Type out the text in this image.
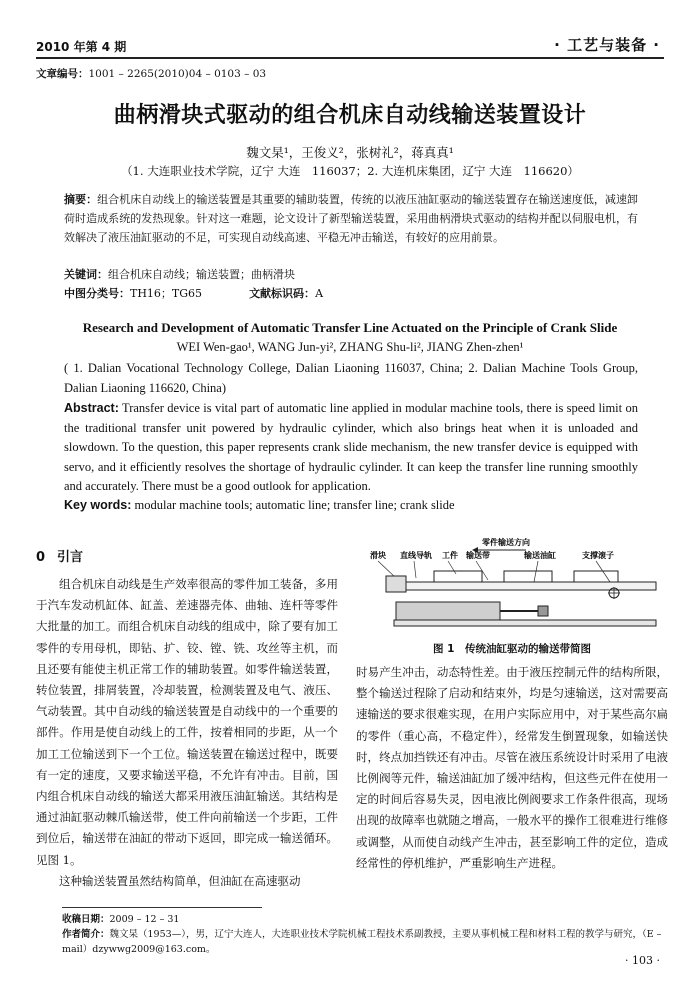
2010 年第 4 期	· 工艺与装备 ·
文章编号：1001 – 2265(2010)04 – 0103 – 03
曲柄滑块式驱动的组合机床自动线输送装置设计
魏文杲¹，王俊义²，张树礼²，蒋真真¹
（1. 大连职业技术学院，辽宁 大连　116037；2. 大连机床集团，辽宁 大连　116620）
摘要：组合机床自动线上的输送装置是其重要的辅助装置，传统的以液压油缸驱动的输送装置存在输送速度低，减速卸荷时造成系统的发热现象。针对这一难题，论文设计了新型输送装置，采用曲柄滑块式驱动的结构并配以伺服电机，有效解决了液压油缸驱动的不足，可实现自动线高速、平稳无冲击输送，有较好的应用前景。
关键词：组合机床自动线；输送装置；曲柄滑块
中图分类号：TH16；TG65	文献标识码：A
Research and Development of Automatic Transfer Line Actuated on the Principle of Crank Slide
WEI Wen-gao¹, WANG Jun-yi², ZHANG Shu-li², JIANG Zhen-zhen¹
( 1. Dalian Vocational Technology College, Dalian Liaoning 116037, China; 2. Dalian Machine Tools Group, Dalian Liaoning 116620, China)
Abstract: Transfer device is vital part of automatic line applied in modular machine tools, there is speed limit on the traditional transfer unit powered by hydraulic cylinder, which also brings heat when it is unloaded and slowdown. To the question, this paper represents crank slide mechanism, the new transfer device is equipped with servo, and it efficiently resolves the shortage of hydraulic cylinder. It can keep the transfer line running smoothly and accurately. There must be a good outlook for application.
Key words: modular machine tools; automatic line; transfer line; crank slide
0 引言
组合机床自动线是生产效率很高的零件加工装备，多用于汽车发动机缸体、缸盖、差速器壳体、曲轴、连杆等零件大批量的加工。而组合机床自动线的组成中，除了要有加工零件的专用母机，即钻、扩、铰、镗、铣、攻丝等主机，而且还要有能使主机正常工作的辅助装置。如零件输送装置，转位装置，排屑装置，冷却装置，检测装置及电气、液压、气动装置。其中自动线的输送装置是自动线中的一个重要的部件。作用是使自动线上的工件，按着相同的步距，从一个加工工位输送到下一个工位。输送装置在输送过程中，既要有一定的速度，又要求输送平稳，不允许有冲击。目前，国内组合机床自动线的输送大都采用液压油缸输送。其结构是通过油缸驱动棘爪输送带，使工件向前输送一个步距，工件到位后，输送带在油缸的带动下返回，即完成一输送循环。见图 1。
这种输送装置虽然结构简单，但油缸在高速驱动
零件输送方向
滑块 直线导轨 工件 输送带	输送油缸	支撑滚子
图 1　传统油缸驱动的输送带简图
时易产生冲击，动态特性差。由于液压控制元件的结构所限，整个输送过程除了启动和结束外，均是匀速输送，这对需要高速输送的要求很难实现，在用户实际应用中，对于某些高尔扁的零件（重心高，不稳定件），经常发生倒置现象，如输送快时，终点加挡铁还有冲击。尽管在液压系统设计时采用了电液比例阀等元件，输送油缸加了缓冲结构，但这些元件在使用一定的时间后容易失灵，因电液比例阀要求工作条件很高，现场出现的故障率也就随之增高，一般水平的操作工很难进行维修或调整，从而使自动线产生冲击，甚至影响工件的定位，造成经常性的停机维护，严重影响生产进程。
收稿日期：2009 – 12 – 31
作者简介：魏文杲（1953—），男，辽宁大连人，大连职业技术学院机械工程技术系副教授，主要从事机械工程和材料工程的教学与研究，（E – mail）dzywwg2009@163.com。
· 103 ·
